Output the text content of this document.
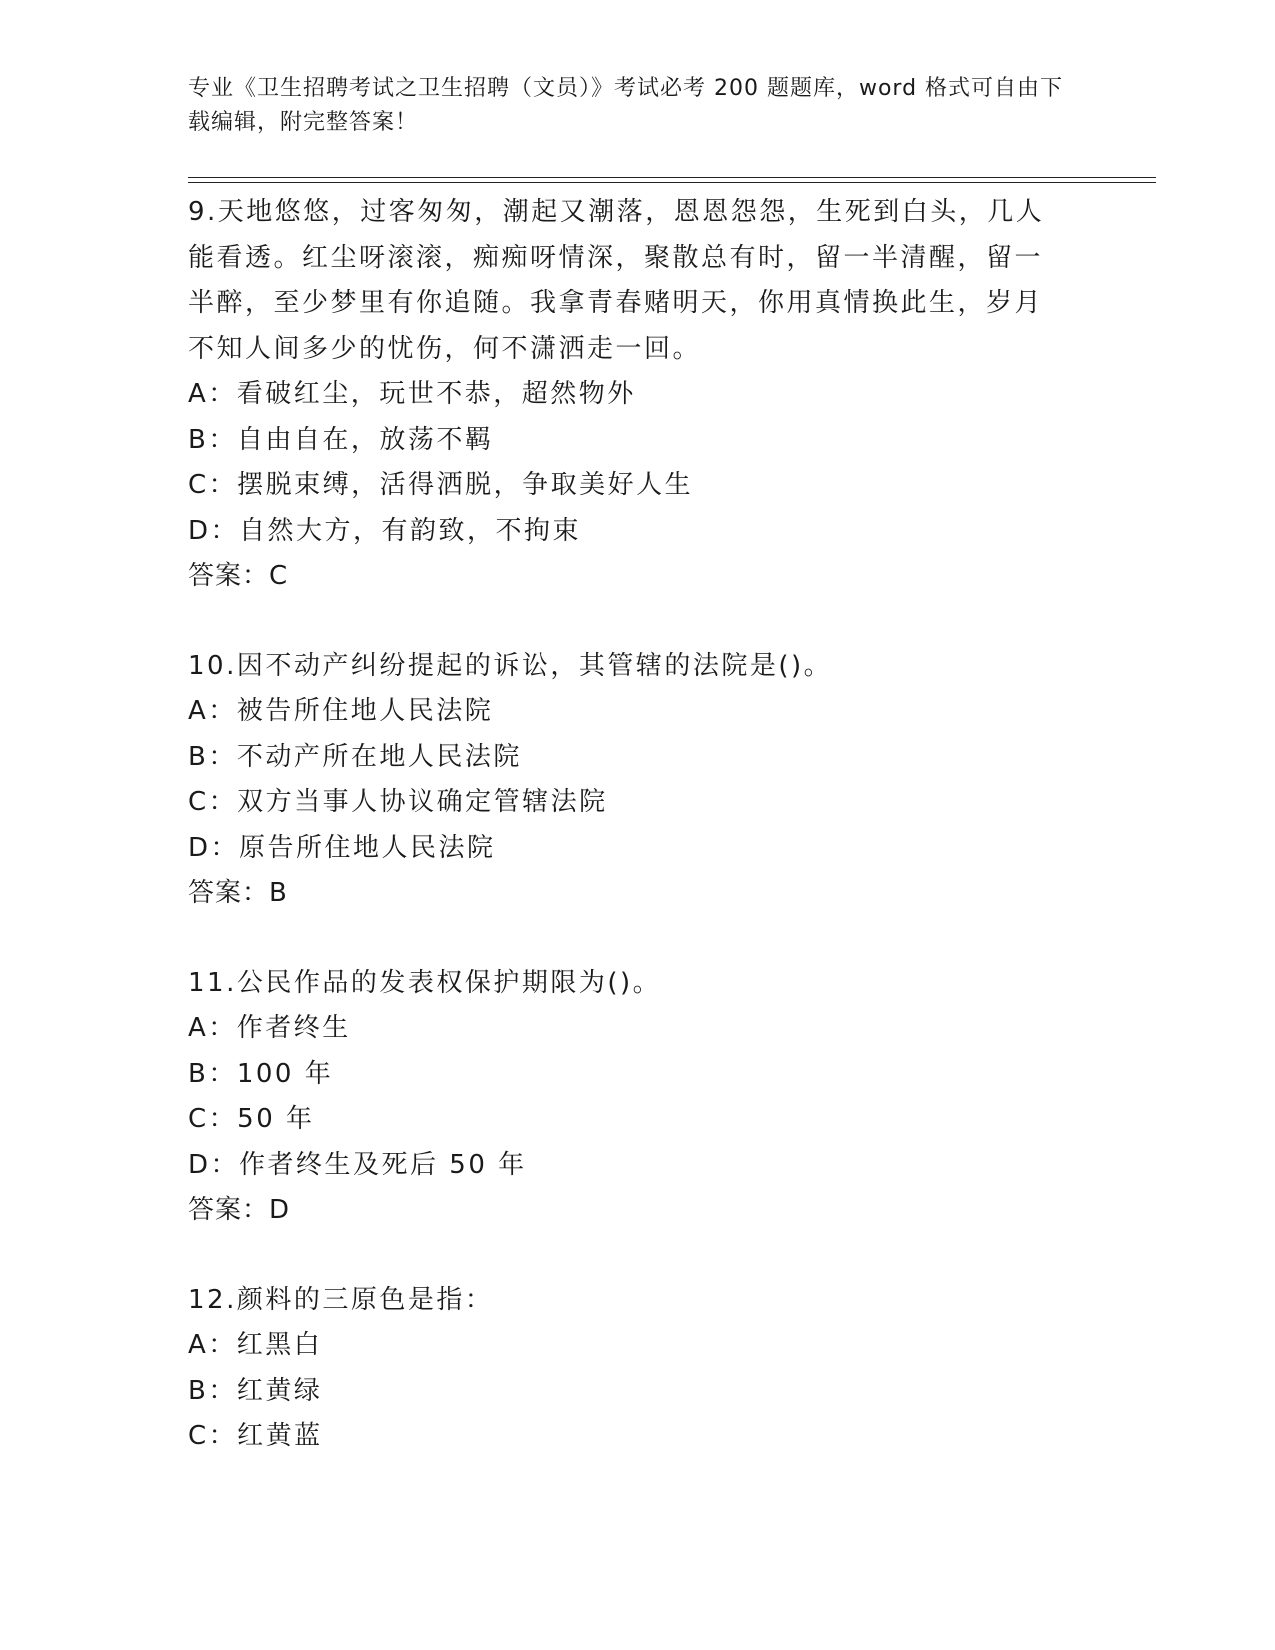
专业《卫生招聘考试之卫生招聘（文员）》考试必考 200 题题库，word 格式可自由下载编辑，附完整答案！

9.天地悠悠，过客匆匆，潮起又潮落，恩恩怨怨，生死到白头，几人能看透。红尘呀滚滚，痴痴呀情深，聚散总有时，留一半清醒，留一半醉，至少梦里有你追随。我拿青春赌明天，你用真情换此生，岁月不知人间多少的忧伤，何不潇洒走一回。

A：看破红尘，玩世不恭，超然物外

B：自由自在，放荡不羁

C：摆脱束缚，活得洒脱，争取美好人生

D：自然大方，有韵致，不拘束

答案：C

10.因不动产纠纷提起的诉讼，其管辖的法院是()。

A：被告所住地人民法院

B：不动产所在地人民法院

C：双方当事人协议确定管辖法院

D：原告所住地人民法院

答案：B

11.公民作品的发表权保护期限为()。

A：作者终生

B：100 年

C：50 年

D：作者终生及死后 50 年

答案：D

12.颜料的三原色是指：

A：红黑白

B：红黄绿

C：红黄蓝
